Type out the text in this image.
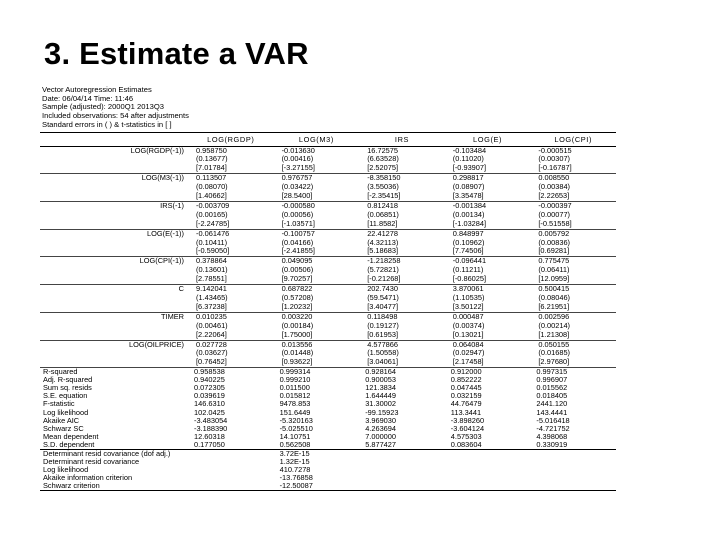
3. Estimate a VAR
Vector Autoregression Estimates
Date: 06/04/14 Time: 11:46
Sample (adjusted): 2000Q1 2013Q3
Included observations: 54 after adjustments
Standard errors in ( ) & t-statistics in [ ]
	LOG(RGDP)	LOG(M3)	IRS	LOG(E)	LOG(CPI)
LOG(RGDP(-1))	0.958750	-0.013630	16.72575	-0.103484	-0.000515
	(0.13677)	(0.00416)	(6.63528)	(0.11020)	(0.00307)
	[7.01784]	[-3.27155]	[2.52075]	[-0.93907]	[-0.16787]
LOG(M3(-1))	0.113507	0.976757	-8.358150	0.298817	0.008550
	(0.08070)	(0.03422)	(3.55036)	(0.08907)	(0.00384)
	[1.40662]	[28.5400]	[-2.35415]	[3.35478]	[2.22653]
IRS(-1)	-0.003709	-0.000580	0.812418	-0.001384	-0.000397
	(0.00165)	(0.00056)	(0.06851)	(0.00134)	(0.00077)
	[-2.24785]	[-1.03571]	[11.8582]	[-1.03284]	[-0.51558]
LOG(E(-1))	-0.061476	-0.100757	22.41278	0.848997	0.005792
	(0.10411)	(0.04166)	(4.32113)	(0.10962)	(0.00836)
	[-0.59050]	[-2.41855]	[5.18683]	[7.74506]	[0.69281]
LOG(CPI(-1))	0.378864	0.049095	-1.218258	-0.096441	0.775475
	(0.13601)	(0.00506)	(5.72821)	(0.11211)	(0.06411)
	[2.78551]	[9.70257]	[-0.21268]	[-0.86025]	[12.0959]
C	9.142041	0.687822	202.7430	3.870061	0.500415
	(1.43465)	(0.57208)	(59.5471)	(1.10535)	(0.08046)
	[6.37238]	[1.20232]	[3.40477]	[3.50122]	[6.21951]
TIMER	0.010235	0.003220	0.118498	0.000487	0.002596
	(0.00461)	(0.00184)	(0.19127)	(0.00374)	(0.00214)
	[2.22064]	[1.75000]	[0.61953]	[0.13021]	[1.21308]
LOG(OILPRICE)	0.027728	0.013556	4.577866	0.064084	0.050155
	(0.03627)	(0.01448)	(1.50558)	(0.02947)	(0.01685)
	[0.76452]	[0.93622]	[3.04061]	[2.17458]	[2.97680]
R-squared	0.958538	0.999314	0.928164	0.912000	0.997315
Adj. R-squared	0.940225	0.999210	0.900053	0.852222	0.996907
Sum sq. resids	0.072305	0.011500	121.3834	0.047445	0.015562
S.E. equation	0.039619	0.015812	1.644449	0.032159	0.018405
F-statistic	146.6310	9478.853	31.30002	44.76479	2441.120
Log likelihood	102.0425	151.6449	-99.15923	113.3441	143.4441
Akaike AIC	-3.483054	-5.320163	3.969030	-3.898260	-5.016418
Schwarz SC	-3.188390	-5.025510	4.263694	-3.604124	-4.721752
Mean dependent	12.60318	14.10751	7.000000	4.575303	4.398068
S.D. dependent	0.177050	0.562508	5.877427	0.083604	0.330919
Determinant resid covariance (dof adj.)		3.72E-15			
Determinant resid covariance		1.32E-15			
Log likelihood		410.7278			
Akaike information criterion		-13.76858			
Schwarz criterion		-12.50087			
